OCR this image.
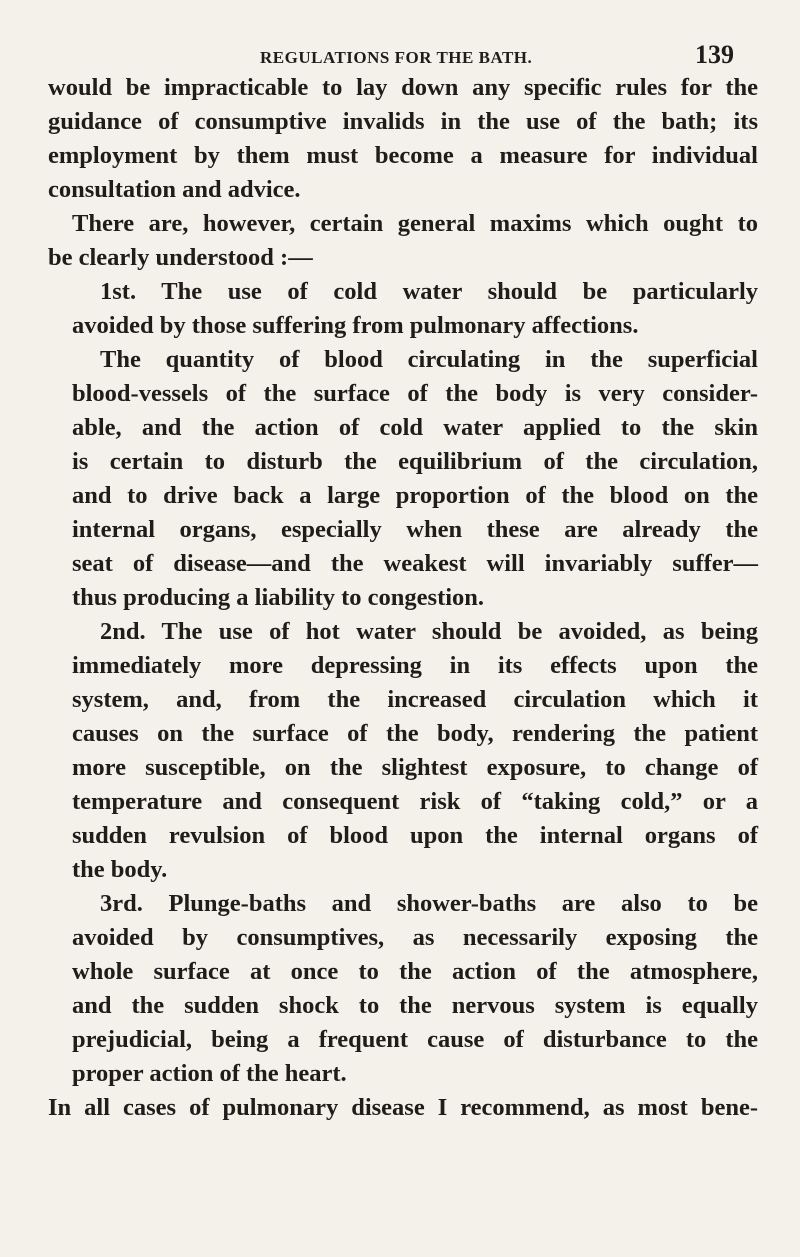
REGULATIONS FOR THE BATH.	139
would be impracticable to lay down any specific rules for the
guidance of consumptive invalids in the use of the bath; its
employment by them must become a measure for individual
consultation and advice.
There are, however, certain general maxims which ought to
be clearly understood :—
1st. The use of cold water should be particularly
avoided by those suffering from pulmonary affections.
The quantity of blood circulating in the superficial
blood-vessels of the surface of the body is very consider-
able, and the action of cold water applied to the skin
is certain to disturb the equilibrium of the circulation,
and to drive back a large proportion of the blood on the
internal organs, especially when these are already the
seat of disease—and the weakest will invariably suffer—
thus producing a liability to congestion.
2nd. The use of hot water should be avoided, as being
immediately more depressing in its effects upon the
system, and, from the increased circulation which it
causes on the surface of the body, rendering the patient
more susceptible, on the slightest exposure, to change of
temperature and consequent risk of “taking cold,” or a
sudden revulsion of blood upon the internal organs of
the body.
3rd. Plunge-baths and shower-baths are also to be
avoided by consumptives, as necessarily exposing the
whole surface at once to the action of the atmosphere,
and the sudden shock to the nervous system is equally
prejudicial, being a frequent cause of disturbance to the
proper action of the heart.
In all cases of pulmonary disease I recommend, as most bene-
